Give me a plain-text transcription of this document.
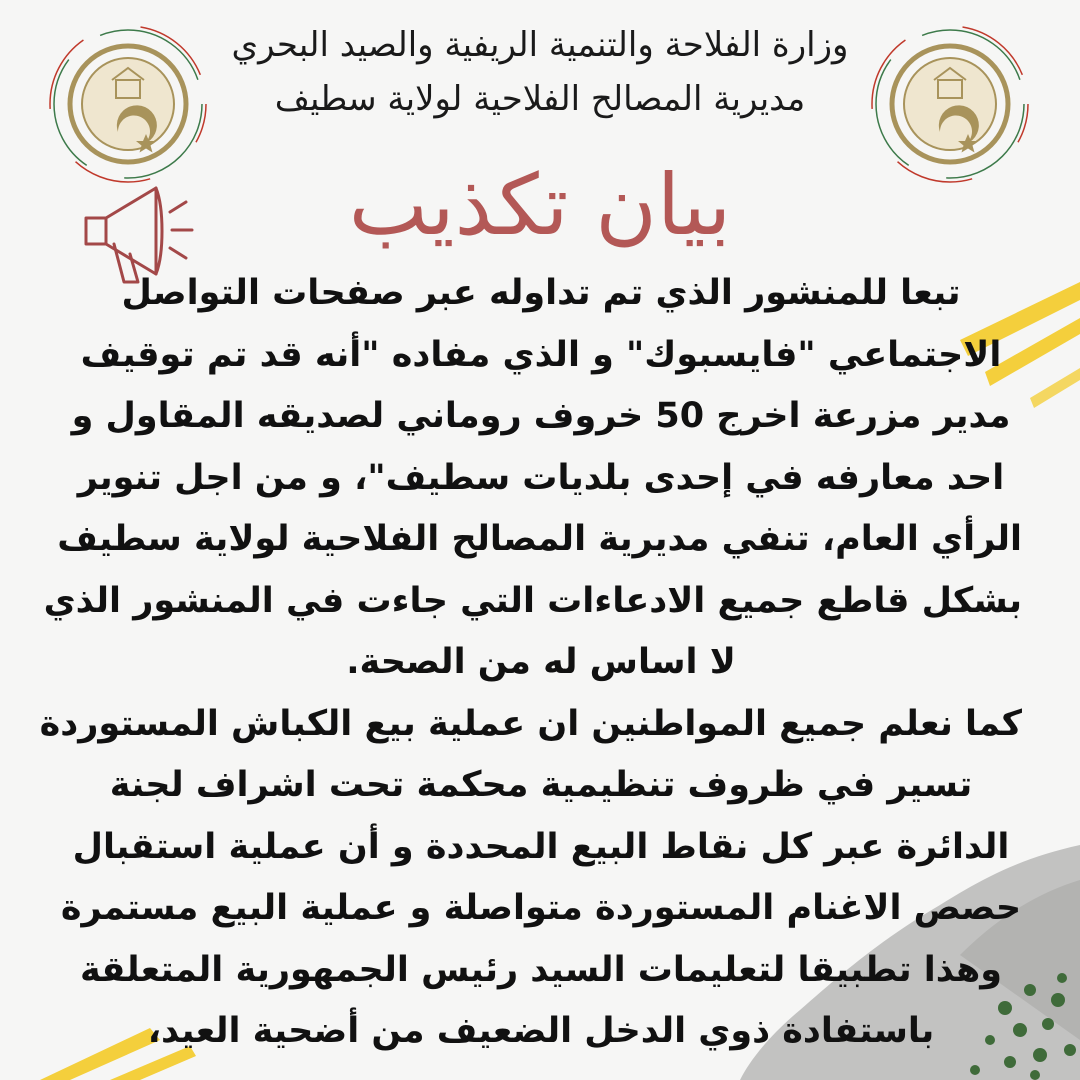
وزارة الفلاحة والتنمية الريفية والصيد البحري
مديرية المصالح الفلاحية لولاية سطيف
بيان تكذيب
تبعا للمنشور الذي تم تداوله عبر صفحات التواصل
الاجتماعي "فايسبوك" و الذي مفاده "أنه قد تم توقيف
مدير مزرعة اخرج 50 خروف روماني لصديقه المقاول و
احد معارفه في إحدى بلديات سطيف"، و من اجل تنوير
الرأي العام، تنفي مديرية المصالح الفلاحية لولاية سطيف
بشكل قاطع جميع الادعاءات التي جاءت في المنشور الذي
لا اساس له من الصحة.
كما نعلم جميع المواطنين ان عملية بيع الكباش المستوردة
تسير في ظروف تنظيمية محكمة تحت اشراف لجنة
الدائرة عبر كل نقاط البيع المحددة و أن عملية استقبال
حصص الاغنام المستوردة متواصلة و عملية البيع مستمرة
وهذا تطبيقا لتعليمات السيد رئيس الجمهورية المتعلقة
باستفادة ذوي الدخل الضعيف من أضحية العيد،
